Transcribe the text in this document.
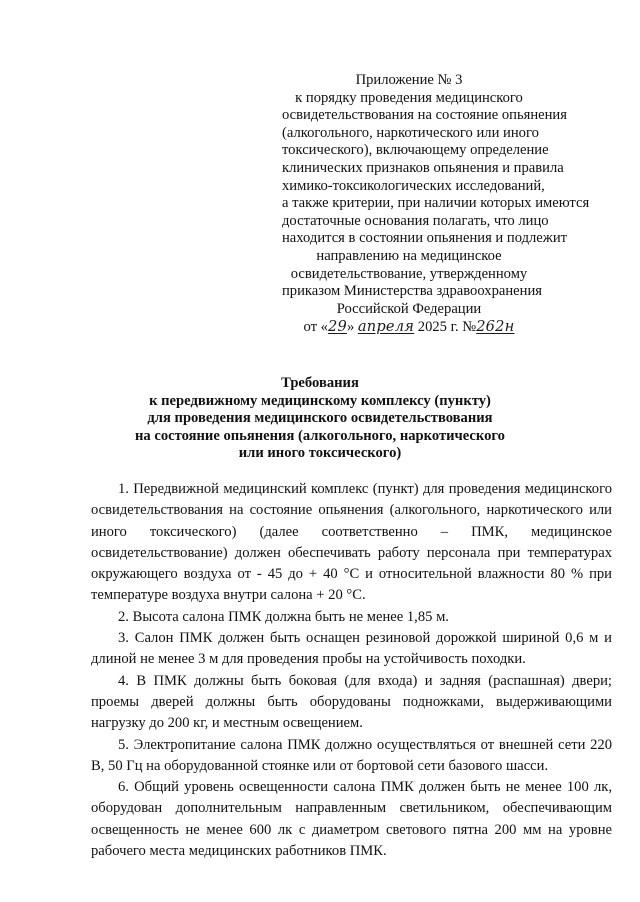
Приложение № 3
к порядку проведения медицинского
освидетельствования на состояние опьянения
(алкогольного, наркотического или иного
токсического), включающему определение
клинических признаков опьянения и правила
химико-токсикологических исследований,
а также критерии, при наличии которых имеются
достаточные основания полагать, что лицо
находится в состоянии опьянения и подлежит
направлению на медицинское
освидетельствование, утвержденному
приказом Министерства здравоохранения
Российской Федерации
от «29» апреля 2025 г. №262н
Требования
к передвижному медицинскому комплексу (пункту)
для проведения медицинского освидетельствования
на состояние опьянения (алкогольного, наркотического
или иного токсического)

1. Передвижной медицинский комплекс (пункт) для проведения медицинского освидетельствования на состояние опьянения (алкогольного, наркотического или иного токсического) (далее соответственно – ПМК, медицинское освидетельствование) должен обеспечивать работу персонала при температурах окружающего воздуха от - 45 до + 40 °С и относительной влажности 80 % при температуре воздуха внутри салона + 20 °С.

2. Высота салона ПМК должна быть не менее 1,85 м.

3. Салон ПМК должен быть оснащен резиновой дорожкой шириной 0,6 м и длиной не менее 3 м для проведения пробы на устойчивость походки.

4. В ПМК должны быть боковая (для входа) и задняя (распашная) двери; проемы дверей должны быть оборудованы подножками, выдерживающими нагрузку до 200 кг, и местным освещением.

5. Электропитание салона ПМК должно осуществляться от внешней сети 220 В, 50 Гц на оборудованной стоянке или от бортовой сети базового шасси.

6. Общий уровень освещенности салона ПМК должен быть не менее 100 лк, оборудован дополнительным направленным светильником, обеспечивающим освещенность не менее 600 лк с диаметром светового пятна 200 мм на уровне рабочего места медицинских работников ПМК.
